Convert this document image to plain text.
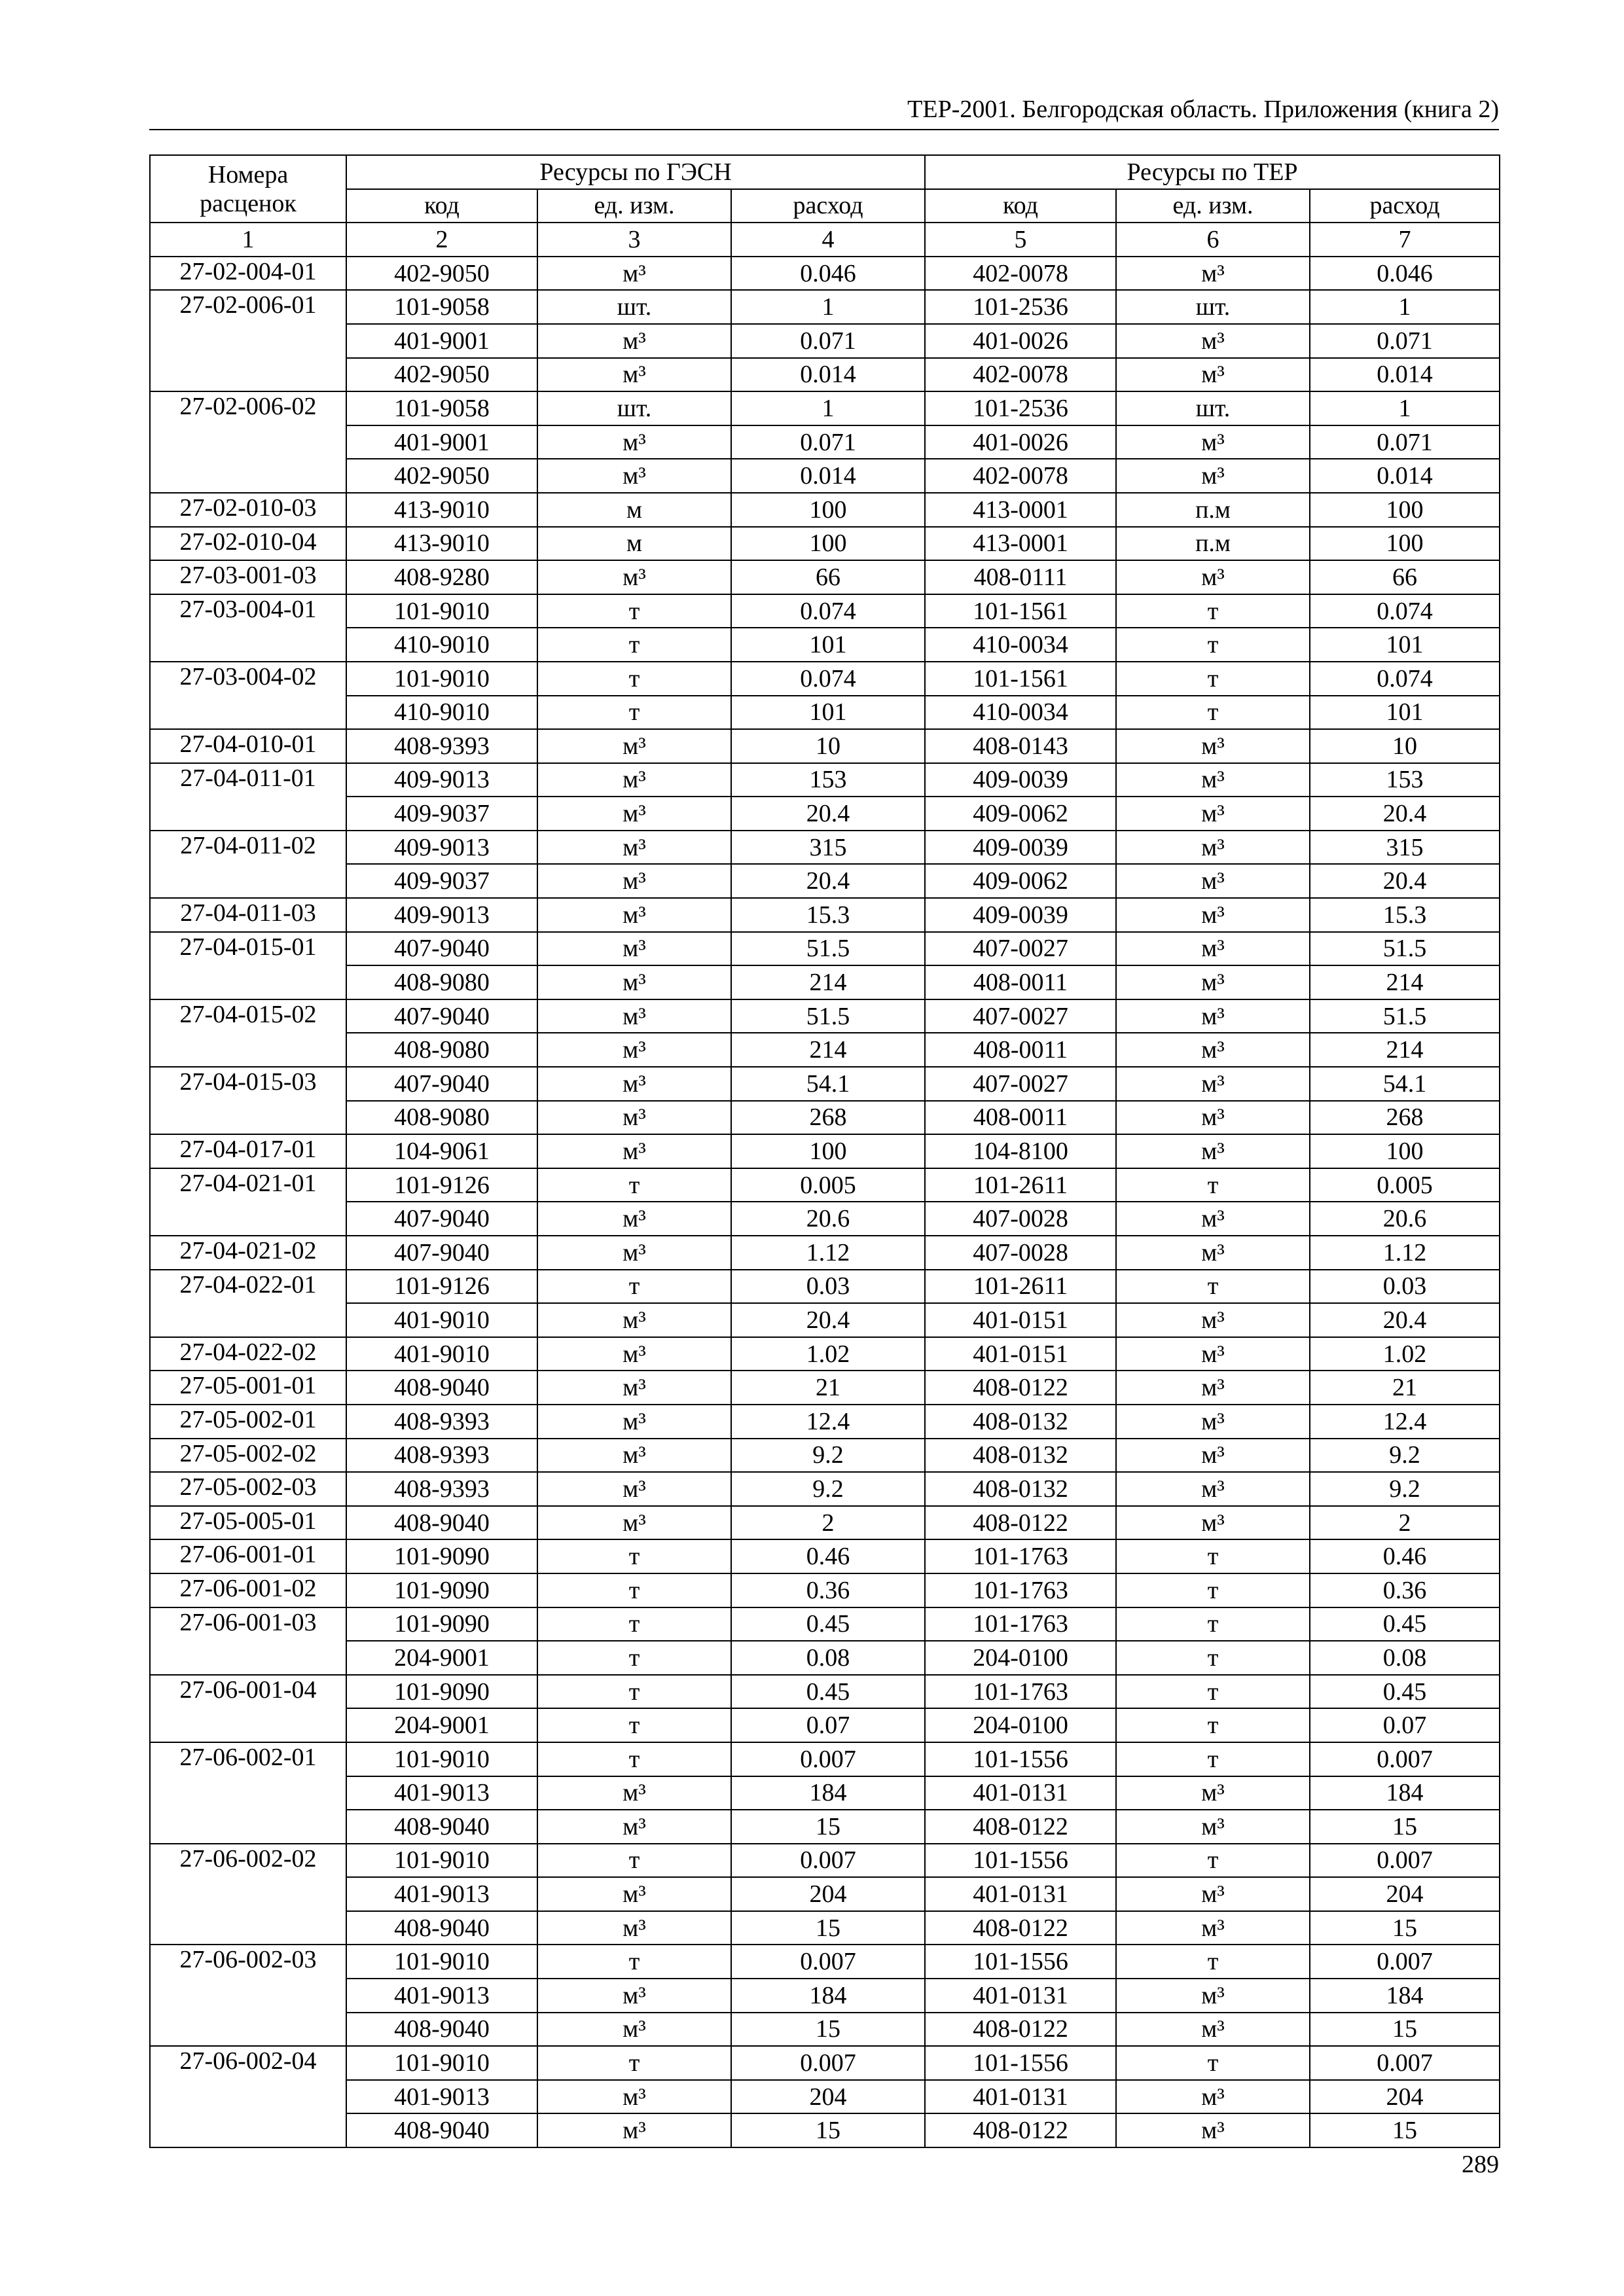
ТЕР-2001. Белгородская область. Приложения (книга 2)
Номера расценок	Ресурсы по ГЭСН			Ресурсы по ТЕР		
	код	ед. изм.	расход	код	ед. изм.	расход
1	2	3	4	5	6	7
27-02-004-01	402-9050	м³	0.046	402-0078	м³	0.046
27-02-006-01	101-9058	шт.	1	101-2536	шт.	1
	401-9001	м³	0.071	401-0026	м³	0.071
	402-9050	м³	0.014	402-0078	м³	0.014
27-02-006-02	101-9058	шт.	1	101-2536	шт.	1
	401-9001	м³	0.071	401-0026	м³	0.071
	402-9050	м³	0.014	402-0078	м³	0.014
27-02-010-03	413-9010	м	100	413-0001	п.м	100
27-02-010-04	413-9010	м	100	413-0001	п.м	100
27-03-001-03	408-9280	м³	66	408-0111	м³	66
27-03-004-01	101-9010	т	0.074	101-1561	т	0.074
	410-9010	т	101	410-0034	т	101
27-03-004-02	101-9010	т	0.074	101-1561	т	0.074
	410-9010	т	101	410-0034	т	101
27-04-010-01	408-9393	м³	10	408-0143	м³	10
27-04-011-01	409-9013	м³	153	409-0039	м³	153
	409-9037	м³	20.4	409-0062	м³	20.4
27-04-011-02	409-9013	м³	315	409-0039	м³	315
	409-9037	м³	20.4	409-0062	м³	20.4
27-04-011-03	409-9013	м³	15.3	409-0039	м³	15.3
27-04-015-01	407-9040	м³	51.5	407-0027	м³	51.5
	408-9080	м³	214	408-0011	м³	214
27-04-015-02	407-9040	м³	51.5	407-0027	м³	51.5
	408-9080	м³	214	408-0011	м³	214
27-04-015-03	407-9040	м³	54.1	407-0027	м³	54.1
	408-9080	м³	268	408-0011	м³	268
27-04-017-01	104-9061	м³	100	104-8100	м³	100
27-04-021-01	101-9126	т	0.005	101-2611	т	0.005
	407-9040	м³	20.6	407-0028	м³	20.6
27-04-021-02	407-9040	м³	1.12	407-0028	м³	1.12
27-04-022-01	101-9126	т	0.03	101-2611	т	0.03
	401-9010	м³	20.4	401-0151	м³	20.4
27-04-022-02	401-9010	м³	1.02	401-0151	м³	1.02
27-05-001-01	408-9040	м³	21	408-0122	м³	21
27-05-002-01	408-9393	м³	12.4	408-0132	м³	12.4
27-05-002-02	408-9393	м³	9.2	408-0132	м³	9.2
27-05-002-03	408-9393	м³	9.2	408-0132	м³	9.2
27-05-005-01	408-9040	м³	2	408-0122	м³	2
27-06-001-01	101-9090	т	0.46	101-1763	т	0.46
27-06-001-02	101-9090	т	0.36	101-1763	т	0.36
27-06-001-03	101-9090	т	0.45	101-1763	т	0.45
	204-9001	т	0.08	204-0100	т	0.08
27-06-001-04	101-9090	т	0.45	101-1763	т	0.45
	204-9001	т	0.07	204-0100	т	0.07
27-06-002-01	101-9010	т	0.007	101-1556	т	0.007
	401-9013	м³	184	401-0131	м³	184
	408-9040	м³	15	408-0122	м³	15
27-06-002-02	101-9010	т	0.007	101-1556	т	0.007
	401-9013	м³	204	401-0131	м³	204
	408-9040	м³	15	408-0122	м³	15
27-06-002-03	101-9010	т	0.007	101-1556	т	0.007
	401-9013	м³	184	401-0131	м³	184
	408-9040	м³	15	408-0122	м³	15
27-06-002-04	101-9010	т	0.007	101-1556	т	0.007
	401-9013	м³	204	401-0131	м³	204
	408-9040	м³	15	408-0122	м³	15
289
